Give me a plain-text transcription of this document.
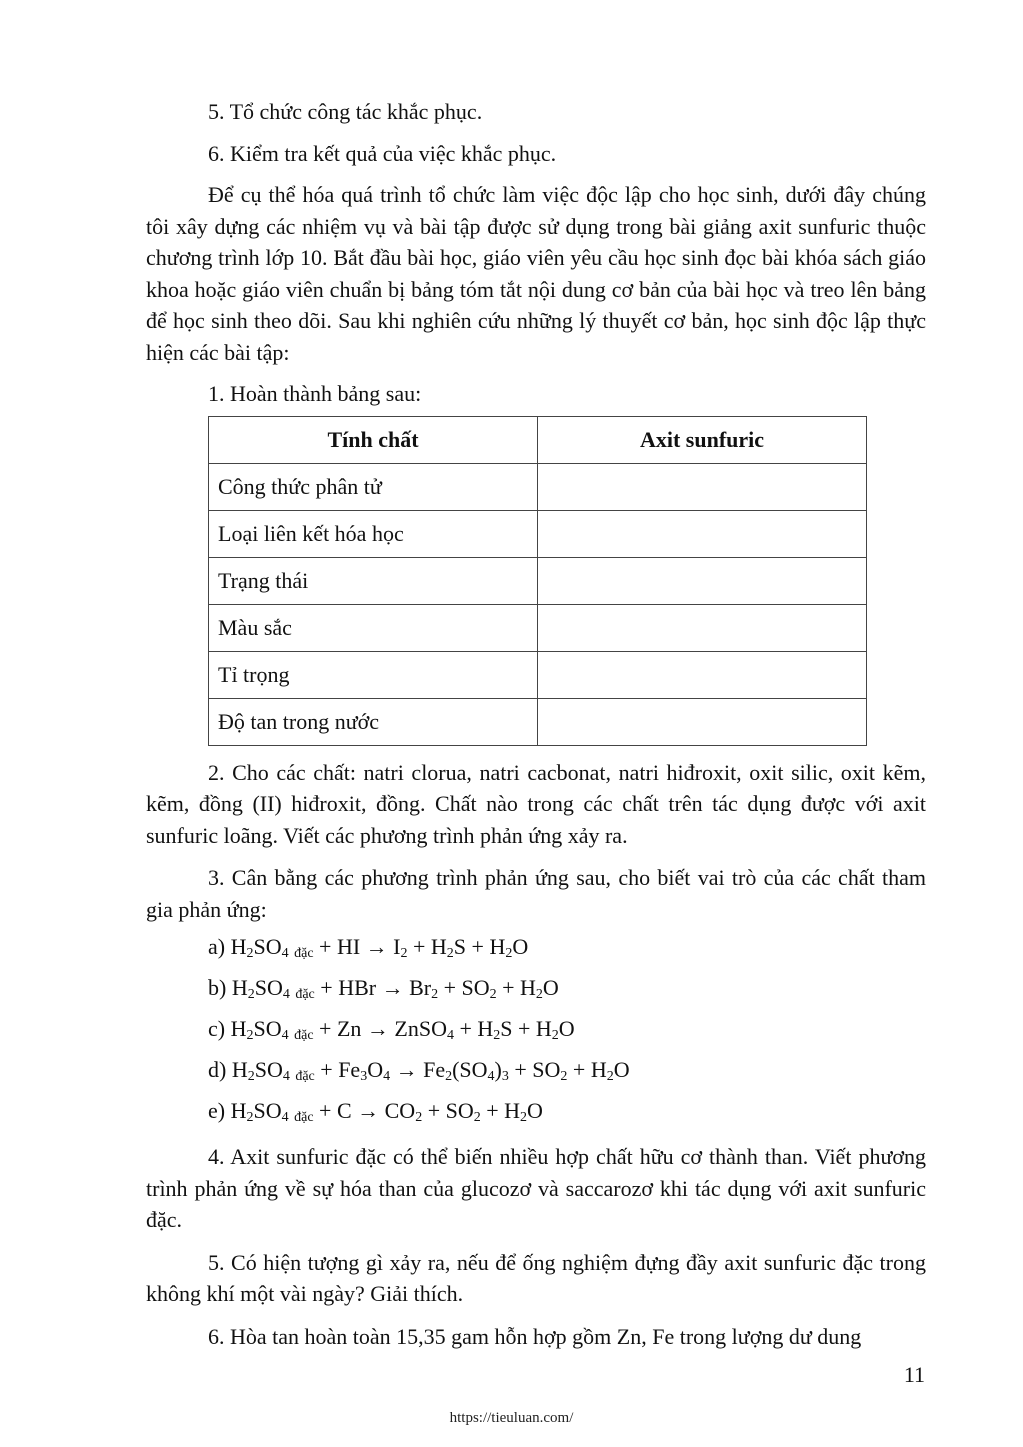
5. Tổ chức công tác khắc phục.

6. Kiểm tra kết quả của việc khắc phục.

Để cụ thể hóa quá trình tổ chức làm việc độc lập cho học sinh, dưới đây chúng tôi xây dựng các nhiệm vụ và bài tập được sử dụng trong bài giảng axit sunfuric thuộc chương trình lớp 10. Bắt đầu bài học, giáo viên yêu cầu học sinh đọc bài khóa sách giáo khoa hoặc giáo viên chuẩn bị bảng tóm tắt nội dung cơ bản của bài học và treo lên bảng để học sinh theo dõi. Sau khi nghiên cứu những lý thuyết cơ bản, học sinh độc lập thực hiện các bài tập:

1. Hoàn thành bảng sau:

Tính chất	Axit sunfuric
Công thức phân tử	
Loại liên kết hóa học	
Trạng thái	
Màu sắc	
Tỉ trọng	
Độ tan trong nước	

2. Cho các chất: natri clorua, natri cacbonat, natri hiđroxit, oxit silic, oxit kẽm, kẽm, đồng (II) hiđroxit, đồng. Chất nào trong các chất trên tác dụng được với axit sunfuric loãng. Viết các phương trình phản ứng xảy ra.

3. Cân bằng các phương trình phản ứng sau, cho biết vai trò của các chất tham gia phản ứng:

a) $H_2SO_4$ đặc + HI → $I_2 + H_2S + H_2O$

b) $H_2SO_4$ đặc + HBr → $Br_2 + SO_2 + H_2O$

c) $H_2SO_4$ đặc + Zn → ZnSO$_4$ + $H_2S + H_2O$

d) $H_2SO_4$ đặc + $Fe_3O_4 \to Fe_2(SO_4)_3 + SO_2 + H_2O$

e) $H_2SO_4$ đặc + $C \to CO_2 + SO_2 + H_2O$

4. Axit sunfuric đặc có thể biến nhiều hợp chất hữu cơ thành than. Viết phương trình phản ứng về sự hóa than của glucozơ và saccarozơ khi tác dụng với axit sunfuric đặc.

5. Có hiện tượng gì xảy ra, nếu để ống nghiệm đựng đầy axit sunfuric đặc trong không khí một vài ngày? Giải thích.

6. Hòa tan hoàn toàn 15,35 gam hỗn hợp gồm Zn, Fe trong lượng dư dung

11
https://tieuluan.com/
